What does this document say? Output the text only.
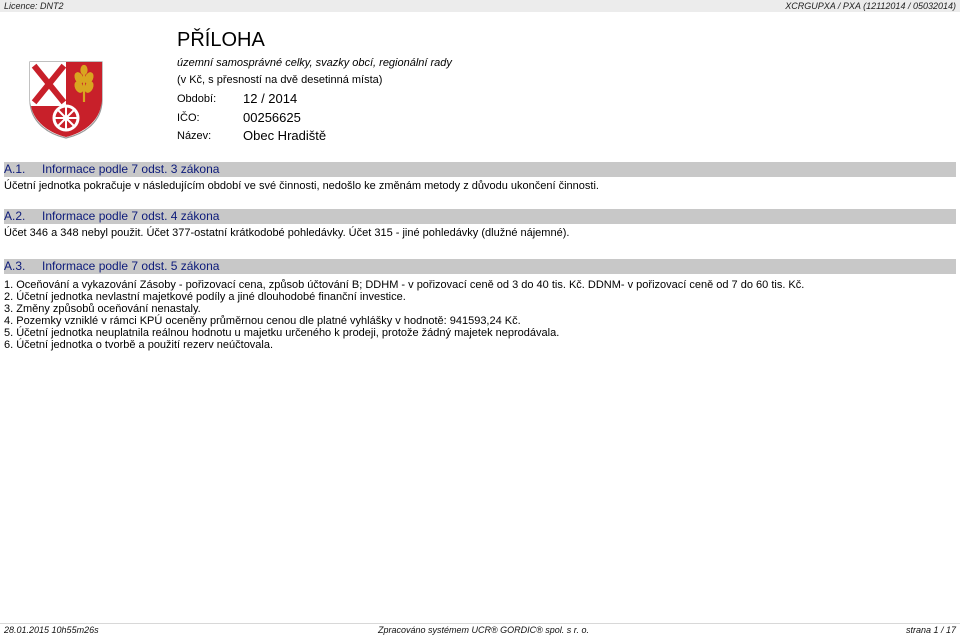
Licence: DNT2	XCRGUPXA / PXA (12112014 / 05032014)
PŘÍLOHA
územní samosprávné celky, svazky obcí, regionální rady
(v Kč, s přesností na dvě desetinná místa)
Období: 12 / 2014
IČO:	00256625
Název: Obec Hradiště
A.1. Informace podle 7 odst. 3 zákona
Účetní jednotka pokračuje v následujícím období ve své činnosti, nedošlo ke změnám metody z důvodu ukončení činnosti.
A.2. Informace podle 7 odst. 4 zákona
Účet 346 a 348 nebyl použit. Účet 377-ostatní krátkodobé pohledávky. Účet 315 - jiné pohledávky (dlužné nájemné).
A.3. Informace podle 7 odst. 5 zákona
1. Oceňování a vykazování Zásoby - pořizovací cena, způsob účtování B; DDHM - v pořizovací ceně od 3 do 40 tis. Kč. DDNM- v pořizovací ceně od 7 do 60 tis. Kč.
2. Účetní jednotka nevlastní majetkové podíly a jiné dlouhodobé finanční investice.
3. Změny způsobů oceňování nenastaly.
4. Pozemky vzniklé v rámci KPÚ oceněny průměrnou cenou dle platné vyhlášky v hodnotě: 941593,24 Kč.
5. Účetní jednotka neuplatnila reálnou hodnotu u majetku určeného k prodeji, protože žádný majetek neprodávala.
6. Účetní jednotka o tvorbě a použití rezerv neúčtovala.
28.01.2015 10h55m26s	Zpracováno systémem UCR® GORDIC® spol. s r. o.	strana 1 / 17
